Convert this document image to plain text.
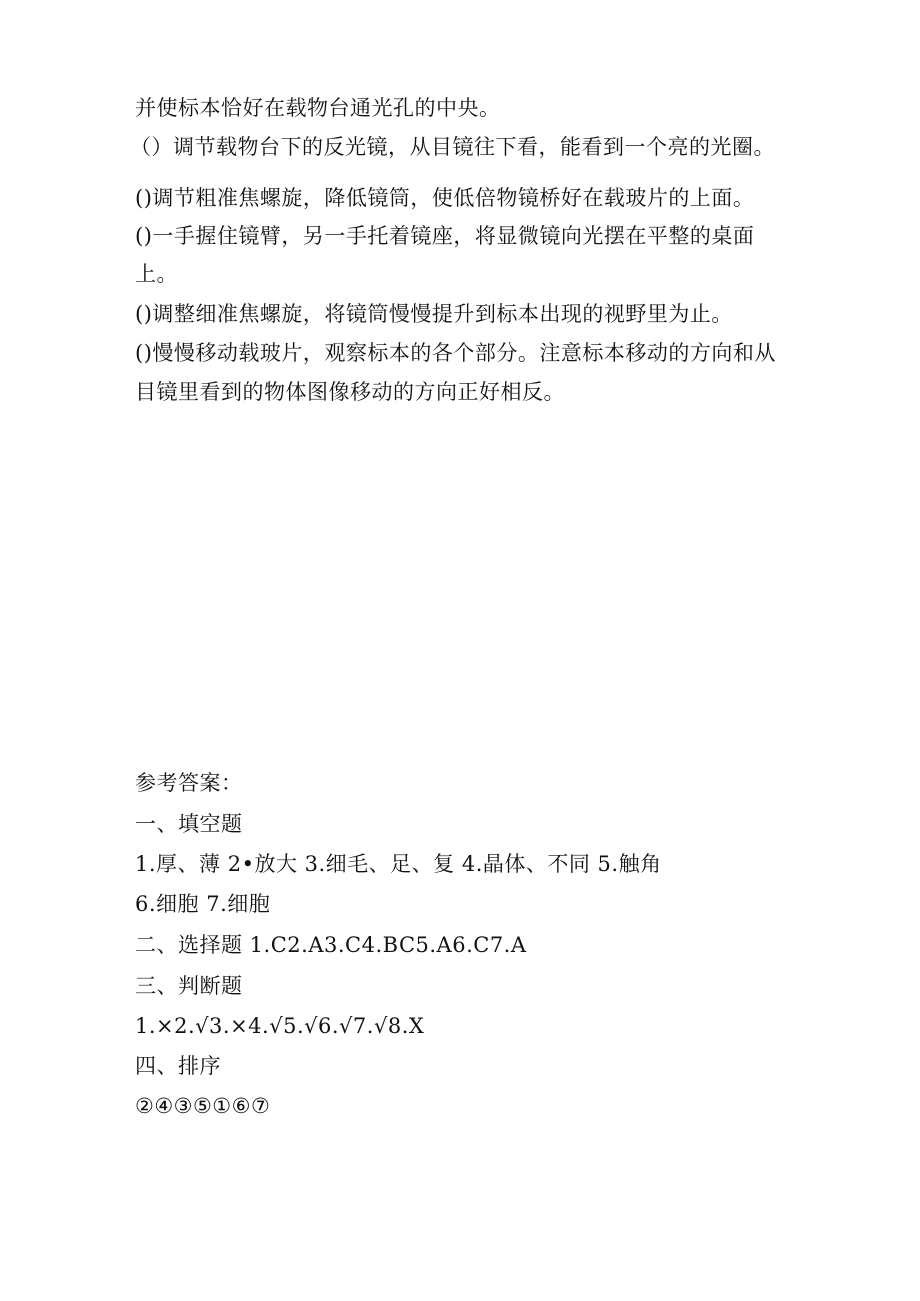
并使标本恰好在载物台通光孔的中央。
（）调节载物台下的反光镜，从目镜往下看，能看到一个亮的光圈。
()调节粗准焦螺旋，降低镜筒，使低倍物镜桥好在载玻片的上面。
()一手握住镜臂，另一手托着镜座，将显微镜向光摆在平整的桌面
上。
()调整细准焦螺旋，将镜筒慢慢提升到标本出现的视野里为止。
()慢慢移动载玻片，观察标本的各个部分。注意标本移动的方向和从
目镜里看到的物体图像移动的方向正好相反。
参考答案：
一、填空题
1.厚、薄 2•放大 3.细毛、足、复 4.晶体、不同 5.触角
6.细胞 7.细胞
二、选择题 1.C2.A3.C4.BC5.A6.C7.A
三、判断题
1.×2.√3.×4.√5.√6.√7.√8.X
四、排序
②④③⑤①⑥⑦
